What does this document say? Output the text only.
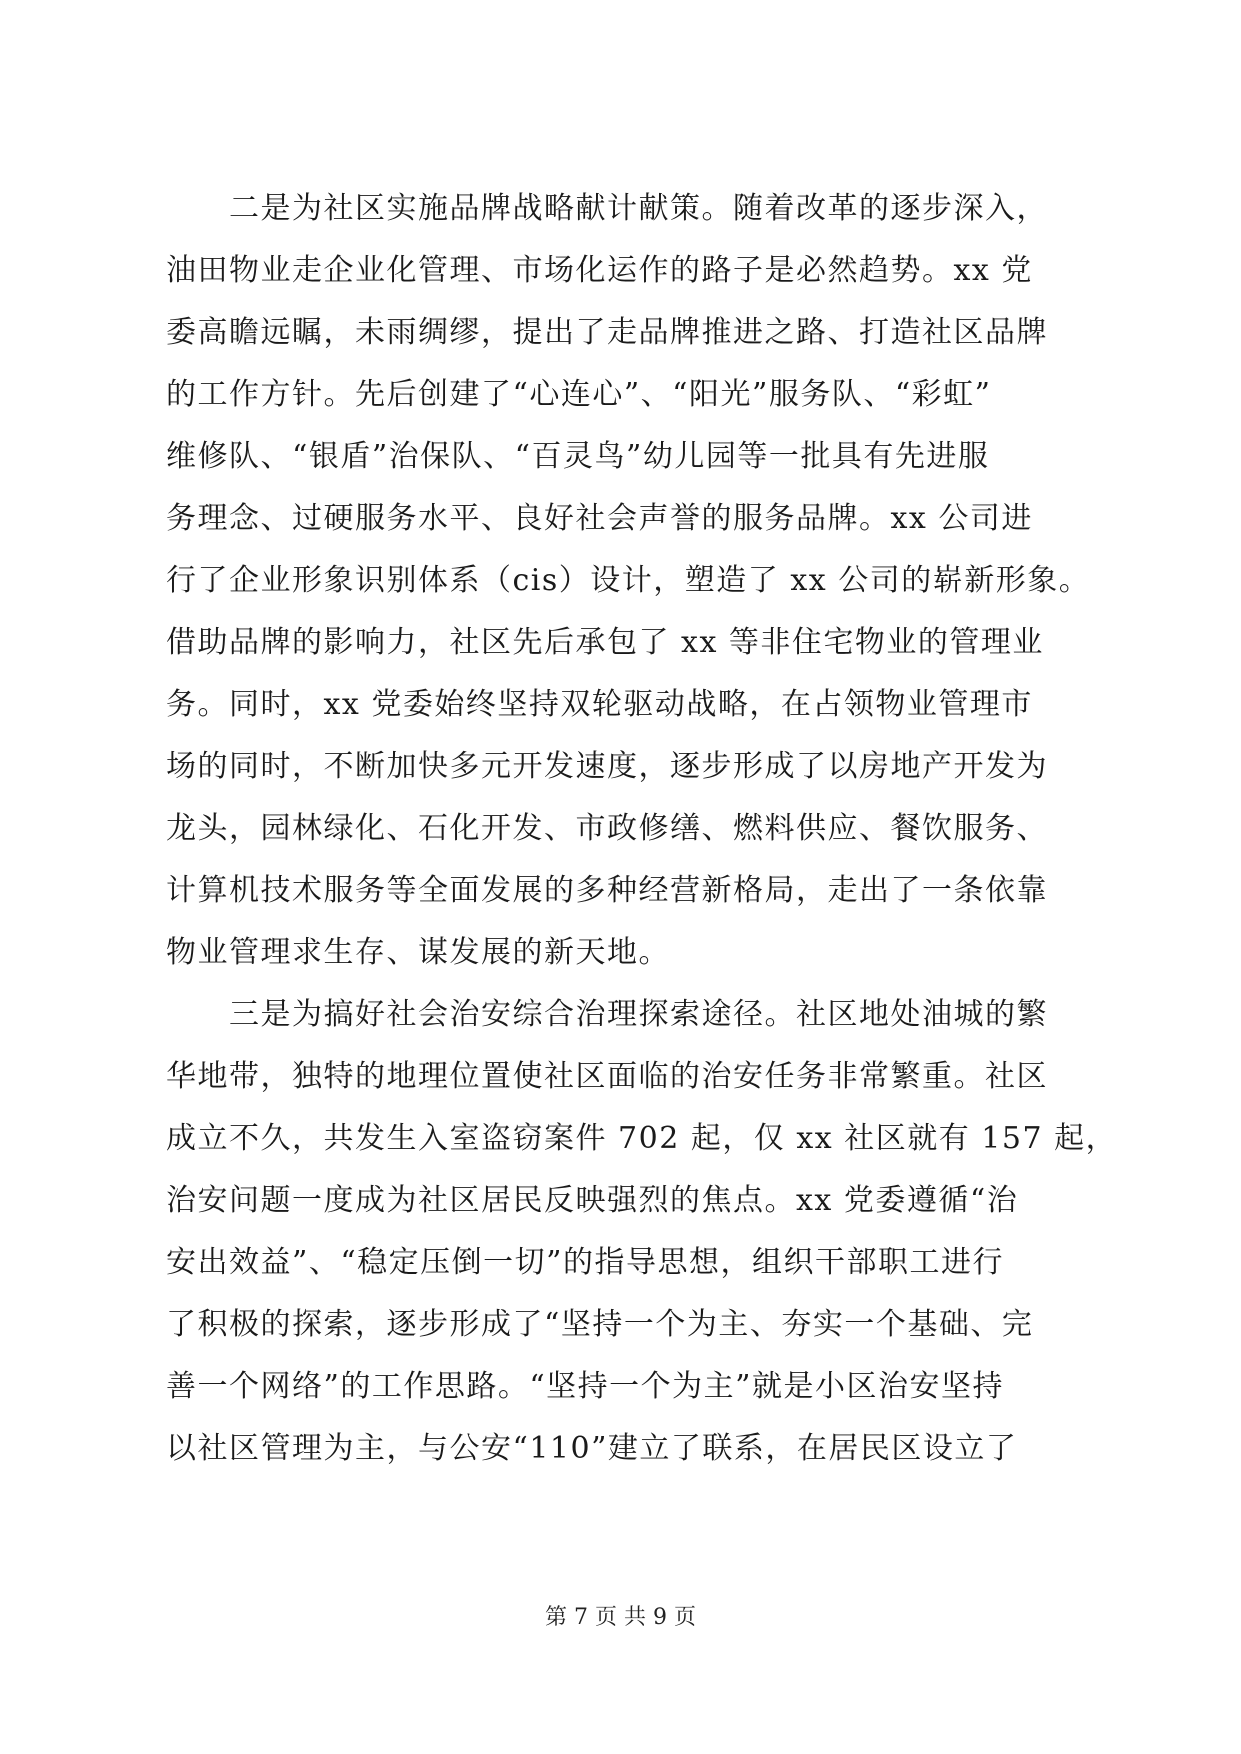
　　二是为社区实施品牌战略献计献策。随着改革的逐步深入，
油田物业走企业化管理、市场化运作的路子是必然趋势。xx 党
委高瞻远瞩，未雨绸缪，提出了走品牌推进之路、打造社区品牌
的工作方针。先后创建了“心连心”、“阳光”服务队、“彩虹”
维修队、“银盾”治保队、“百灵鸟”幼儿园等一批具有先进服
务理念、过硬服务水平、良好社会声誉的服务品牌。xx 公司进
行了企业形象识别体系（cis）设计，塑造了 xx 公司的崭新形象。
借助品牌的影响力，社区先后承包了 xx 等非住宅物业的管理业
务。同时，xx 党委始终坚持双轮驱动战略，在占领物业管理市
场的同时，不断加快多元开发速度，逐步形成了以房地产开发为
龙头，园林绿化、石化开发、市政修缮、燃料供应、餐饮服务、
计算机技术服务等全面发展的多种经营新格局，走出了一条依靠
物业管理求生存、谋发展的新天地。
　　三是为搞好社会治安综合治理探索途径。社区地处油城的繁
华地带，独特的地理位置使社区面临的治安任务非常繁重。社区
成立不久，共发生入室盗窃案件 702 起，仅 xx 社区就有 157 起，
治安问题一度成为社区居民反映强烈的焦点。xx 党委遵循“治
安出效益”、“稳定压倒一切”的指导思想，组织干部职工进行
了积极的探索，逐步形成了“坚持一个为主、夯实一个基础、完
善一个网络”的工作思路。“坚持一个为主”就是小区治安坚持
以社区管理为主，与公安“110”建立了联系，在居民区设立了
第 7 页 共 9 页
